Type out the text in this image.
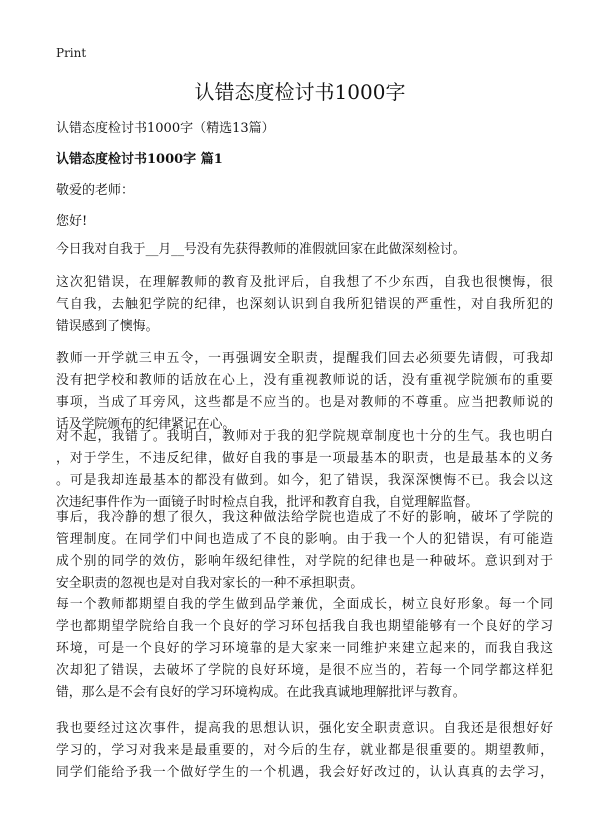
Print
认错态度检讨书1000字
认错态度检讨书1000字（精选13篇）
认错态度检讨书1000字 篇1

敬爱的老师：

您好!

今日我对自我于__月__号没有先获得教师的准假就回家在此做深刻检讨。
这次犯错误，在理解教师的教育及批评后，自我想了不少东西，自我也很懊悔，很
气自我，去触犯学院的纪律，也深刻认识到自我所犯错误的严重性，对自我所犯的
错误感到了懊悔。
教师一开学就三申五令，一再强调安全职责，提醒我们回去必须要先请假，可我却
没有把学校和教师的话放在心上，没有重视教师说的话，没有重视学院颁布的重要
事项，当成了耳旁风，这些都是不应当的。也是对教师的不尊重。应当把教师说的
话及学院颁布的纪律紧记在心。
对不起，我错了。我明白，教师对于我的犯学院规章制度也十分的生气。我也明白
，对于学生，不违反纪律，做好自我的事是一项最基本的职责，也是最基本的义务
。可是我却连最基本的都没有做到。如今，犯了错误，我深深懊悔不已。我会以这
次违纪事件作为一面镜子时时检点自我，批评和教育自我，自觉理解监督。
事后，我冷静的想了很久，我这种做法给学院也造成了不好的影响，破坏了学院的
管理制度。在同学们中间也造成了不良的影响。由于我一个人的犯错误，有可能造
成个别的同学的效仿，影响年级纪律性，对学院的纪律也是一种破坏。意识到对于
安全职责的忽视也是对自我对家长的一种不承担职责。
每一个教师都期望自我的学生做到品学兼优，全面成长，树立良好形象。每一个同
学也都期望学院给自我一个良好的学习环包括我自我也期望能够有一个良好的学习
环境，可是一个良好的学习环境靠的是大家来一同维护来建立起来的，而我自我这
次却犯了错误，去破坏了学院的良好环境，是很不应当的，若每一个同学都这样犯
错，那么是不会有良好的学习环境构成。在此我真诚地理解批评与教育。
我也要经过这次事件，提高我的思想认识，强化安全职责意识。自我还是很想好好
学习的，学习对我来是最重要的，对今后的生存，就业都是很重要的。期望教师，
同学们能给予我一个做好学生的一个机遇，我会好好改过的，认认真真的去学习，
